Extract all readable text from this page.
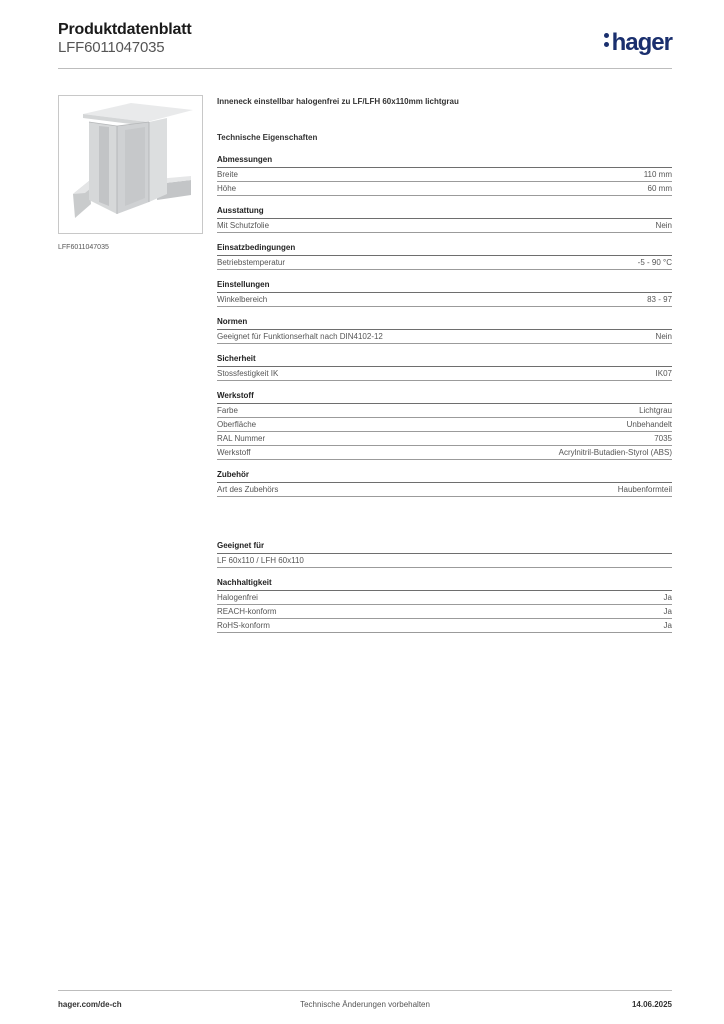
Produktdatenblatt
LFF6011047035	hager
LFF6011047035
Inneneck einstellbar halogenfrei zu LF/LFH 60x110mm lichtgrau
Technische Eigenschaften
Abmessungen
Breite	110 mm
Höhe	60 mm
Ausstattung
Mit Schutzfolie	Nein
Einsatzbedingungen
Betriebstemperatur	-5 - 90 °C
Einstellungen
Winkelbereich	83 - 97
Normen
Geeignet für Funktionserhalt nach DIN4102-12	Nein
Sicherheit
Stossfestigkeit IK	IK07
Werkstoff
Farbe	Lichtgrau
Oberfläche	Unbehandelt
RAL Nummer	7035
Werkstoff	Acrylnitril-Butadien-Styrol (ABS)
Zubehör
Art des Zubehörs	Haubenformteil
Geeignet für
LF 60x110 / LFH 60x110
Nachhaltigkeit
Halogenfrei	Ja
REACH-konform	Ja
RoHS-konform	Ja
hager.com/de-ch	Technische Änderungen vorbehalten	14.06.2025
